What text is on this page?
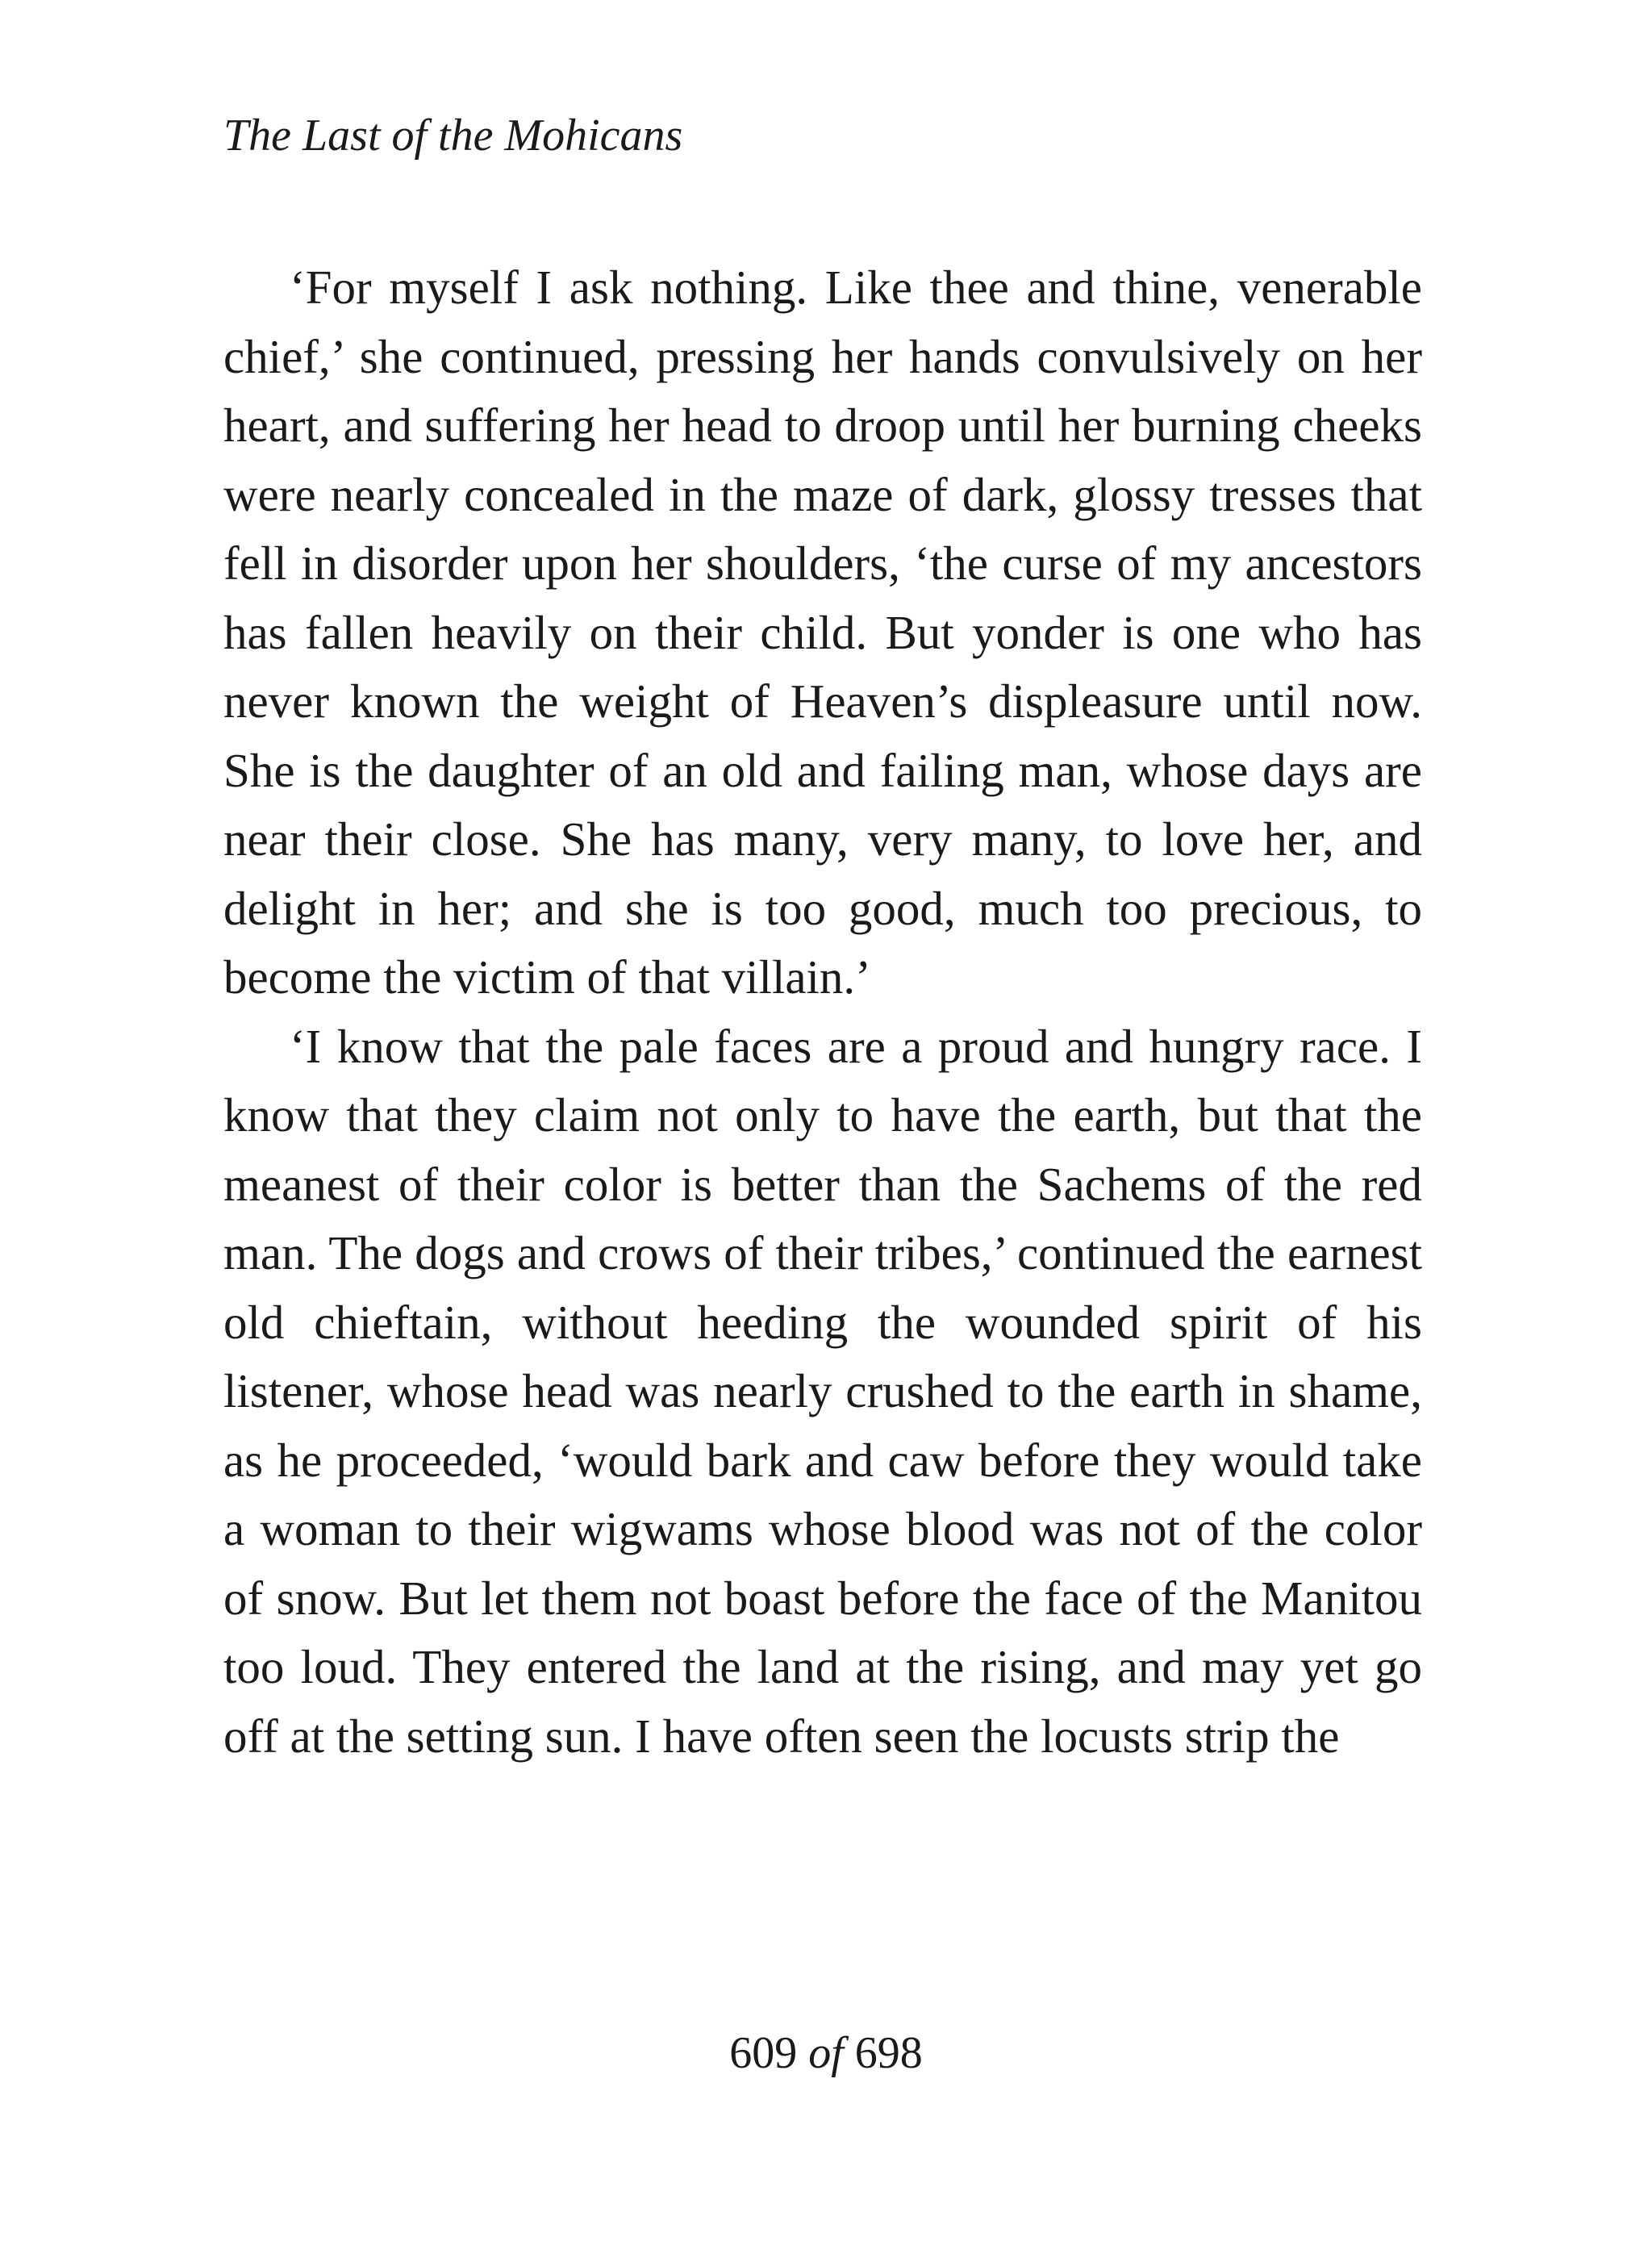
The Last of the Mohicans

‘For myself I ask nothing. Like thee and thine, venerable chief,’ she continued, pressing her hands convulsively on her heart, and suffering her head to droop until her burning cheeks were nearly concealed in the maze of dark, glossy tresses that fell in disorder upon her shoulders, ‘the curse of my ancestors has fallen heavily on their child. But yonder is one who has never known the weight of Heaven’s displeasure until now. She is the daughter of an old and failing man, whose days are near their close. She has many, very many, to love her, and delight in her; and she is too good, much too precious, to become the victim of that villain.’

‘I know that the pale faces are a proud and hungry race. I know that they claim not only to have the earth, but that the meanest of their color is better than the Sachems of the red man. The dogs and crows of their tribes,’ continued the earnest old chieftain, without heeding the wounded spirit of his listener, whose head was nearly crushed to the earth in shame, as he proceeded, ‘would bark and caw before they would take a woman to their wigwams whose blood was not of the color of snow. But let them not boast before the face of the Manitou too loud. They entered the land at the rising, and may yet go off at the setting sun. I have often seen the locusts strip the

609 of 698
